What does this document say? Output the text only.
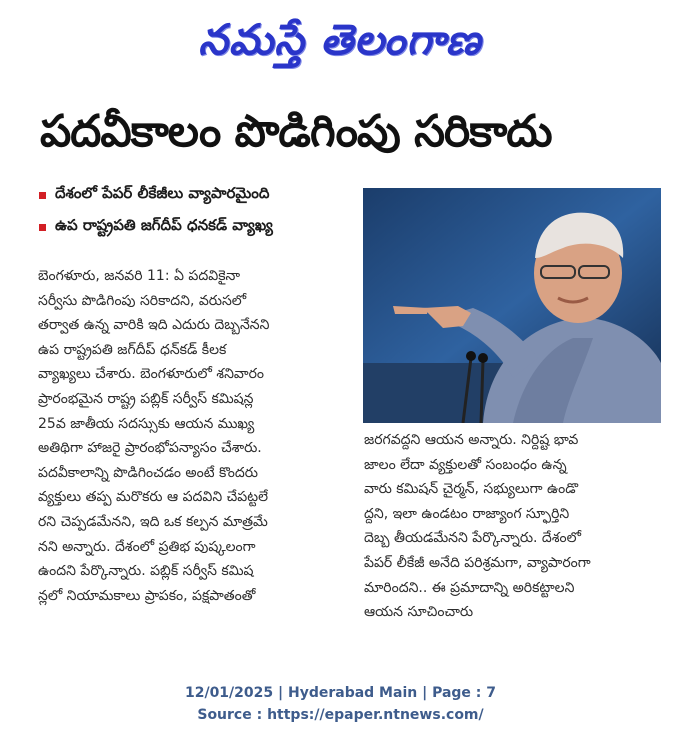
నమస్తే తెలంగాణ
పదవీకాలం పొడిగింపు సరికాదు
దేశంలో పేపర్ లీకేజీలు వ్యాపారమైంది
ఉప రాష్ట్రపతి జగ్‌దీప్ ధనకడ్ వ్యాఖ్య
బెంగళూరు, జనవరి 11: ఏ పదవికైనా
సర్వీసు పొడిగింపు సరికాదని, వరుసలో
తర్వాత ఉన్న వారికి ఇది ఎదురు దెబ్బనేనని
ఉప రాష్ట్రపతి జగ్‌దీప్ ధన్‌కడ్ కీలక
వ్యాఖ్యలు చేశారు. బెంగళూరులో శనివారం
ప్రారంభమైన రాష్ట్ర పబ్లిక్ సర్వీస్ కమిషన్ల
25వ జాతీయ సదస్సుకు ఆయన ముఖ్య
అతిథిగా హాజరై ప్రారంభోపన్యాసం చేశారు.
పదవీకాలాన్ని పొడిగించడం అంటే కొందరు
వ్యక్తులు తప్ప మరొకరు ఆ పదవిని చేపట్టలే
రని చెప్పడమేనని, ఇది ఒక కల్పన మాత్రమే
నని అన్నారు. దేశంలో ప్రతిభ పుష్కలంగా
ఉందని పేర్కొన్నారు. పబ్లిక్ సర్వీస్ కమిష
న్లలో నియామకాలు ప్రాపకం, పక్షపాతంతో
జరగవద్దని ఆయన అన్నారు. నిర్దిష్ట భావ
జాలం లేదా వ్యక్తులతో సంబంధం ఉన్న
వారు కమిషన్ చైర్మన్, సభ్యులుగా ఉండొ
ద్దని, ఇలా ఉండటం రాజ్యాంగ స్ఫూర్తిని
దెబ్బ తీయడమేనని పేర్కొన్నారు. దేశంలో
పేపర్ లీకేజీ అనేది పరిశ్రమగా, వ్యాపారంగా
మారిందని.. ఈ ప్రమాదాన్ని అరికట్టాలని
ఆయన సూచించారు
12/01/2025 | Hyderabad Main | Page : 7
Source : https://epaper.ntnews.com/
